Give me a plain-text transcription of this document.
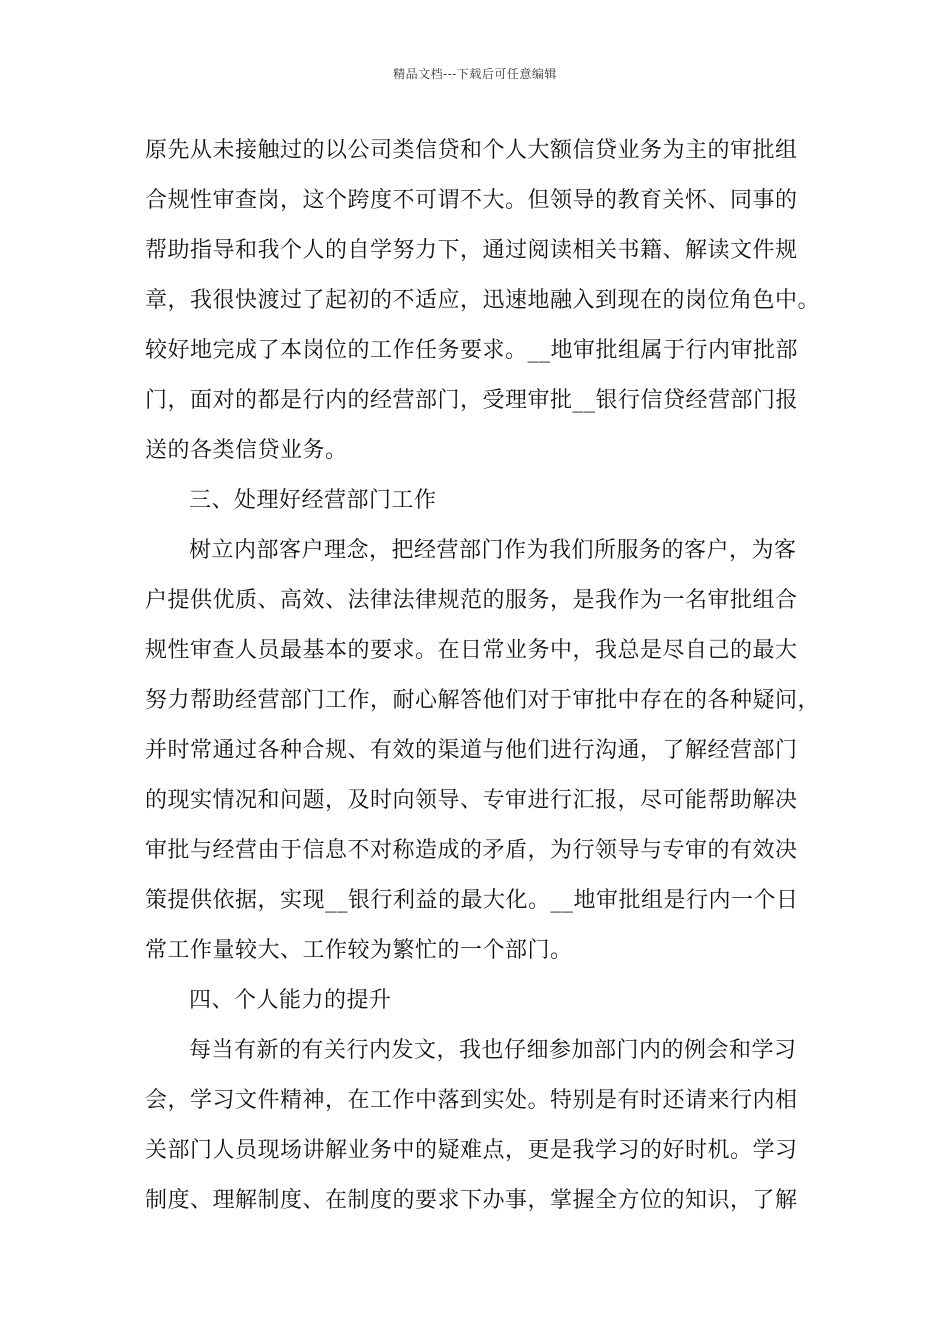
精品文档---下载后可任意编辑
原先从未接触过的以公司类信贷和个人大额信贷业务为主的审批组
合规性审查岗，这个跨度不可谓不大。但领导的教育关怀、同事的
帮助指导和我个人的自学努力下，通过阅读相关书籍、解读文件规
章，我很快渡过了起初的不适应，迅速地融入到现在的岗位角色中。
较好地完成了本岗位的工作任务要求。__地审批组属于行内审批部
门，面对的都是行内的经营部门，受理审批__银行信贷经营部门报
送的各类信贷业务。
三、处理好经营部门工作
树立内部客户理念，把经营部门作为我们所服务的客户，为客
户提供优质、高效、法律法律规范的服务，是我作为一名审批组合
规性审查人员最基本的要求。在日常业务中，我总是尽自己的最大
努力帮助经营部门工作，耐心解答他们对于审批中存在的各种疑问，
并时常通过各种合规、有效的渠道与他们进行沟通，了解经营部门
的现实情况和问题，及时向领导、专审进行汇报，尽可能帮助解决
审批与经营由于信息不对称造成的矛盾，为行领导与专审的有效决
策提供依据，实现__银行利益的最大化。__地审批组是行内一个日
常工作量较大、工作较为繁忙的一个部门。
四、个人能力的提升
每当有新的有关行内发文，我也仔细参加部门内的例会和学习
会，学习文件精神，在工作中落到实处。特别是有时还请来行内相
关部门人员现场讲解业务中的疑难点，更是我学习的好时机。学习
制度、理解制度、在制度的要求下办事，掌握全方位的知识，了解
